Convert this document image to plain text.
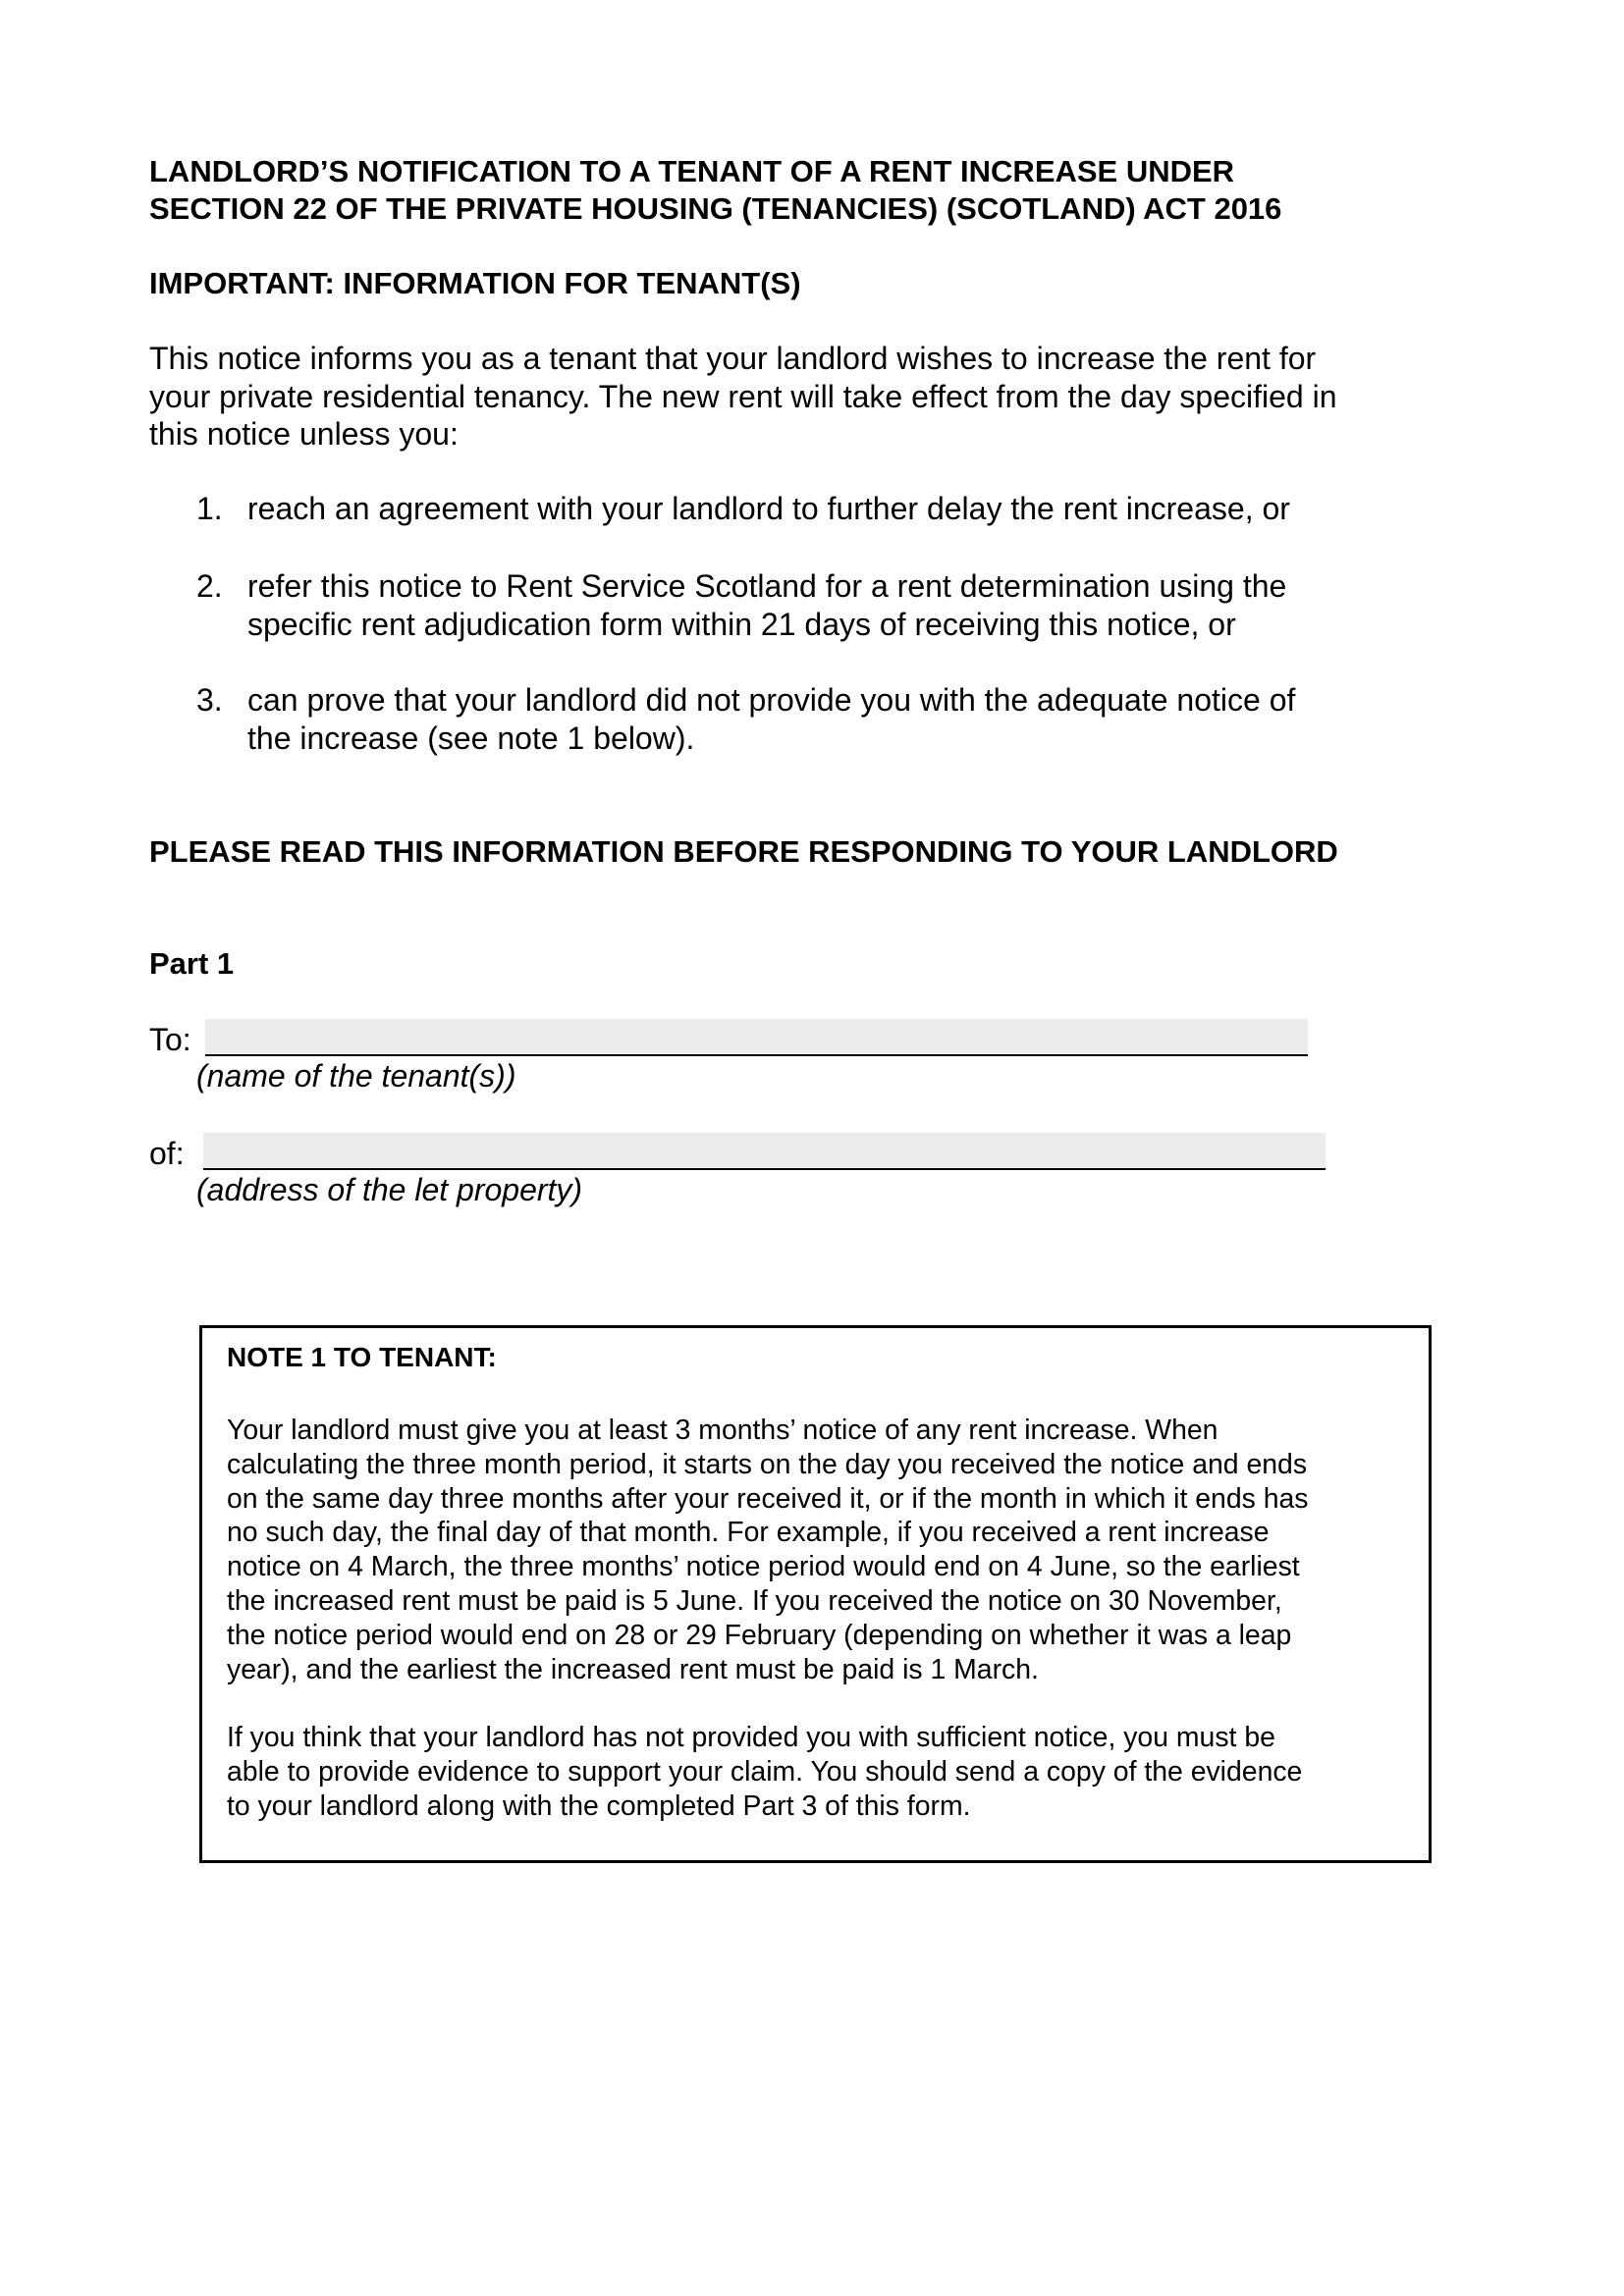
LANDLORD’S NOTIFICATION TO A TENANT OF A RENT INCREASE UNDER
SECTION 22 OF THE PRIVATE HOUSING (TENANCIES) (SCOTLAND) ACT 2016
IMPORTANT: INFORMATION FOR TENANT(S)

This notice informs you as a tenant that your landlord wishes to increase the rent for
your private residential tenancy. The new rent will take effect from the day specified in
this notice unless you:

1. reach an agreement with your landlord to further delay the rent increase, or
2. refer this notice to Rent Service Scotland for a rent determination using the
specific rent adjudication form within 21 days of receiving this notice, or
3. can prove that your landlord did not provide you with the adequate notice of
the increase (see note 1 below).
PLEASE READ THIS INFORMATION BEFORE RESPONDING TO YOUR LANDLORD
Part 1
To:
(name of the tenant(s))
of:
(address of the let property)
NOTE 1 TO TENANT:

Your landlord must give you at least 3 months’ notice of any rent increase. When
calculating the three month period, it starts on the day you received the notice and ends
on the same day three months after your received it, or if the month in which it ends has
no such day, the final day of that month. For example, if you received a rent increase
notice on 4 March, the three months’ notice period would end on 4 June, so the earliest
the increased rent must be paid is 5 June. If you received the notice on 30 November,
the notice period would end on 28 or 29 February (depending on whether it was a leap
year), and the earliest the increased rent must be paid is 1 March.

If you think that your landlord has not provided you with sufficient notice, you must be
able to provide evidence to support your claim. You should send a copy of the evidence
to your landlord along with the completed Part 3 of this form.
